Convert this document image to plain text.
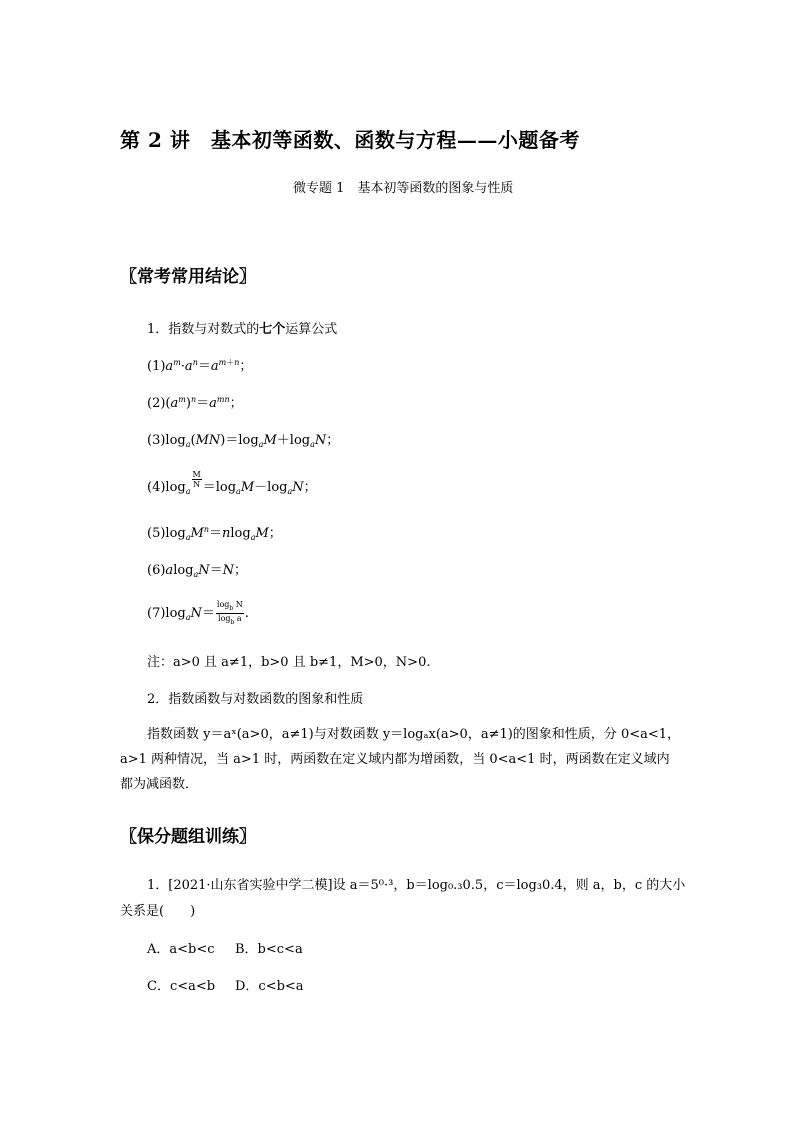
第 2 讲　基本初等函数、函数与方程——小题备考
微专题 1　基本初等函数的图象与性质
〖常考常用结论〗
1．指数与对数式的七个运算公式
$(1)a^m\cdot a^n=a^{m+n}$；
$(2)(a^m)^n=a^{mn}$；
$(3)\log_a(MN)=\log_aM+\log_aN$；
$(4)\log_a$
$\frac{M}{N} =\log_aM-\log_aN$；
$(5)\log_aM^n=nlog_aM$；
(6)alog$_a$N＝N；
$(7)\log_aN= \frac{\log_b N}{\log_b a}$ .
注：a>0 且 a≠1，b>0 且 b≠1，M>0，N>0.
2．指数函数与对数函数的图象和性质
指数函数 y＝aˣ(a>0，a≠1)与对数函数 y＝logₐx(a>0，a≠1)的图象和性质，分 0<a<1，
a>1 两种情况，当 a>1 时，两函数在定义域内都为增函数，当 0<a<1 时，两函数在定义域内
都为减函数．
〖保分题组训练〗
1．[2021·山东省实验中学二模]设 a＝5⁰·³，b＝log₀.₃0.5，c＝log₃0.4，则 a，b，c 的大小
关系是(　　)
A．a<b<c B．b<c<a
C．c<a<b D．c<b<a
